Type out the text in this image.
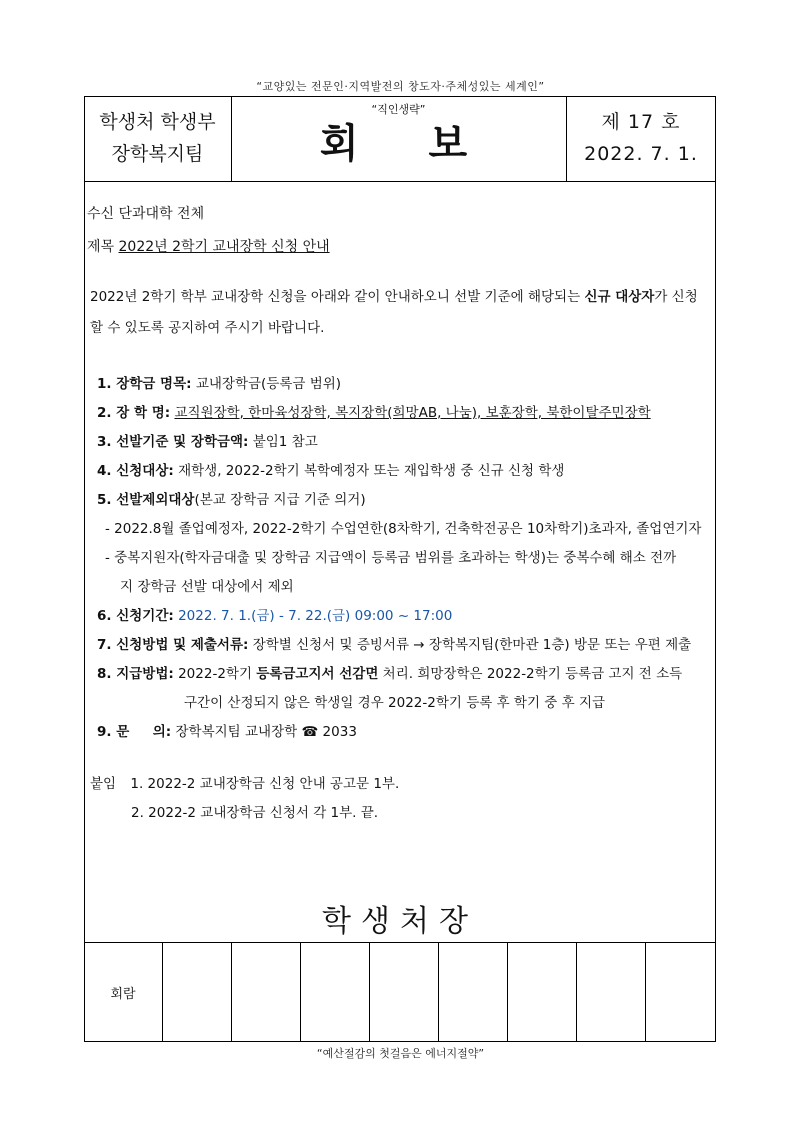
“교양있는 전문인·지역발전의 창도자·주체성있는 세계인”
학생처 학생부
장학복지팀
“직인생략”
회보	제 17 호
2022. 7. 1.
수신 단과대학 전체
제목 2022년 2학기 교내장학 신청 안내
2022년 2학기 학부 교내장학 신청을 아래와 같이 안내하오니 선발 기준에 해당되는 신규 대상자가 신청 할 수 있도록 공지하여 주시기 바랍니다.
1. 장학금 명목: 교내장학금(등록금 범위)
2. 장 학 명: 교직원장학, 한마육성장학, 복지장학(희망AB, 나눔), 보훈장학, 북한이탈주민장학
3. 선발기준 및 장학금액: 붙임1 참고
4. 신청대상: 재학생, 2022-2학기 복학예정자 또는 재입학생 중 신규 신청 학생
5. 선발제외대상(본교 장학금 지급 기준 의거)
- 2022.8월 졸업예정자, 2022-2학기 수업연한(8차학기, 건축학전공은 10차학기)초과자, 졸업연기자
- 중복지원자(학자금대출 및 장학금 지급액이 등록금 범위를 초과하는 학생)는 중복수혜 해소 전까
지 장학금 선발 대상에서 제외
6. 신청기간: 2022. 7. 1.(금) - 7. 22.(금) 09:00 ~ 17:00
7. 신청방법 및 제출서류: 장학별 신청서 및 증빙서류 → 장학복지팀(한마관 1층) 방문 또는 우편 제출
8. 지급방법: 2022-2학기 등록금고지서 선감면 처리. 희망장학은 2022-2학기 등록금 고지 전 소득
구간이 산정되지 않은 학생일 경우 2022-2학기 등록 후 학기 중 후 지급
9. 문     의: 장학복지팀 교내장학 ☎ 2033
붙임 1. 2022-2 교내장학금 신청 안내 공고문 1부.
2. 2022-2 교내장학금 신청서 각 1부. 끝.
학생처장
회람
“예산절감의 첫걸음은 에너지절약”
